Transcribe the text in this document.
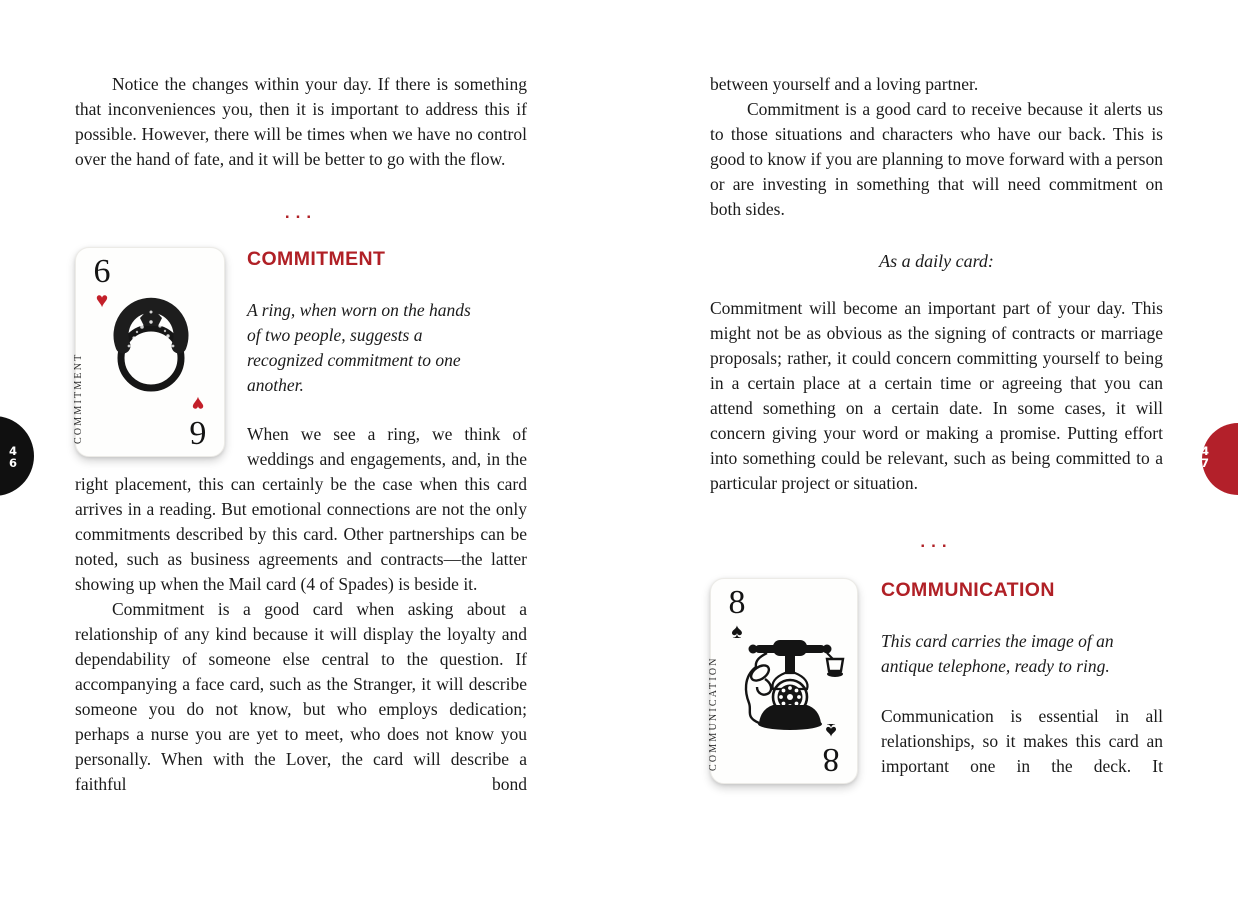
Notice the changes within your day. If there is something that inconveniences you, then it is important to address this if possible. However, there will be times when we have no control over the hand of fate, and it will be better to go with the flow.

...
6
♥
COMMITMENT	6
♥
COMMITMENT

A ring, when worn on the hands of two people, suggests a recognized commitment to one another.

When we see a ring, we think of weddings and engagements, and, in the right placement, this can certainly be the case when this card arrives in a reading. But emotional connections are not the only commitments described by this card. Other partnerships can be noted, such as business agreements and contracts—the latter showing up when the Mail card (4 of Spades) is beside it.

Commitment is a good card when asking about a relationship of any kind because it will display the loyalty and dependability of someone else central to the question. If accompanying a face card, such as the Stranger, it will describe someone you do not know, but who employs dedication; perhaps a nurse you are yet to meet, who does not know you personally. When with the Lover, the card will describe a faithful bond

between yourself and a loving partner.

Commitment is a good card to receive because it alerts us to those situations and characters who have our back. This is good to know if you are planning to move forward with a person or are investing in something that will need commitment on both sides.

As a daily card:

Commitment will become an important part of your day. This might not be as obvious as the signing of contracts or marriage proposals; rather, it could concern committing yourself to being in a certain place at a certain time or agreeing that you can attend something on a certain date. In some cases, it will concern giving your word or making a promise. Putting effort into something could be relevant, such as being committed to a particular project or situation.

...
8
♠
COMMUNICATION	8
♠
COMMUNICATION

This card carries the image of an antique telephone, ready to ring.

Communication is essential in all relationships, so it makes this card an important one in the deck. It

4
6
4
7
